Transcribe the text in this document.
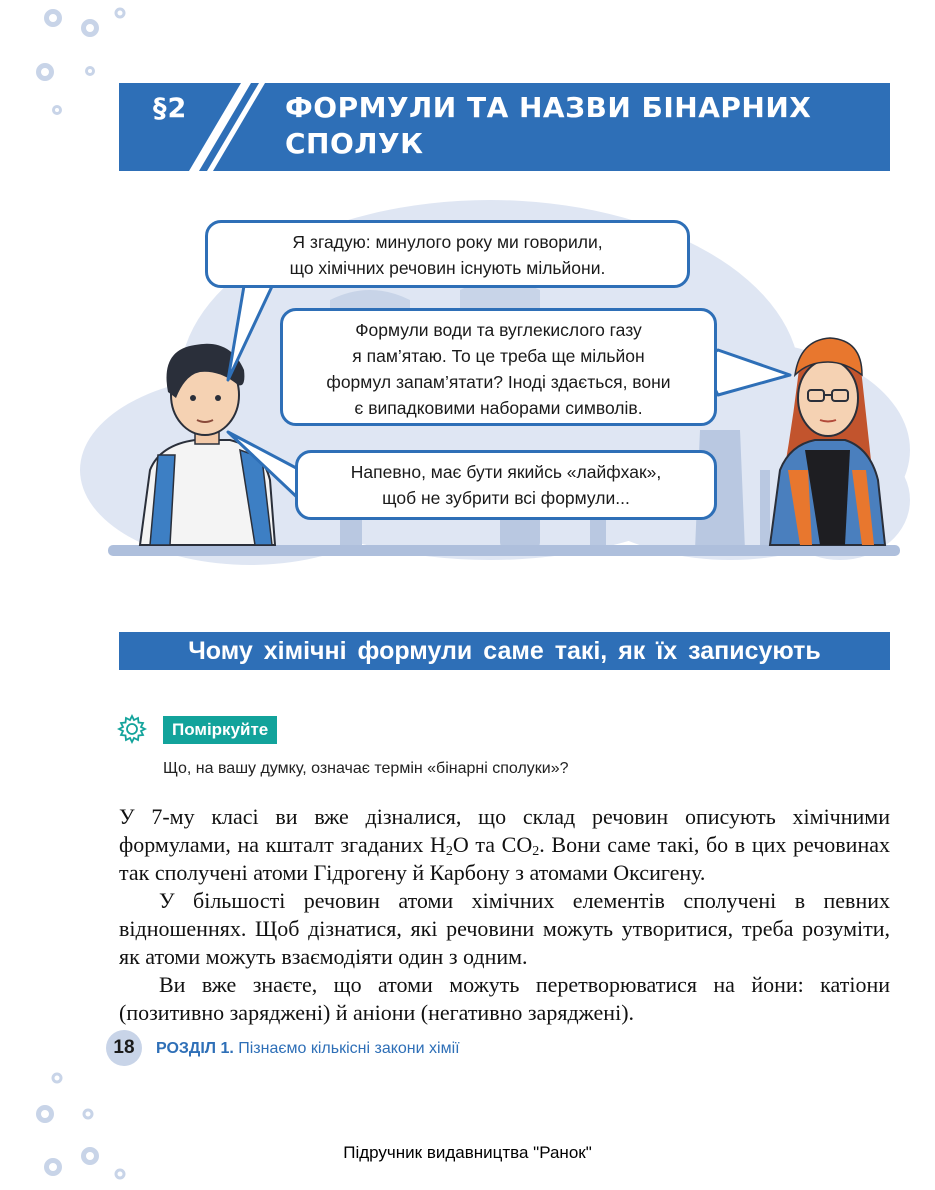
§2	ФОРМУЛИ ТА НАЗВИ БІНАРНИХ СПОЛУК
Я згадую: минулого року ми говорили,
що хімічних речовин існують мільйони.
Формули води та вуглекислого газу
я пам’ятаю. То це треба ще мільйон
формул запам’ятати? Іноді здається, вони
є випадковими наборами символів.
Напевно, має бути якийсь «лайфхак»,
щоб не зубрити всі формули...
Чому хімічні формули саме такі, як їх записують
Поміркуйте
Що, на вашу думку, означає термін «бінарні сполуки»?

У 7-му класі ви вже дізналися, що склад речовин описують хімічними формулами, на кшталт згаданих $H_2O$ та $CO_2$. Вони саме такі, бо в цих речовинах так сполучені атоми Гідрогену й Карбону з атомами Оксигену.

У більшості речовин атоми хімічних елементів сполучені в певних відношеннях. Щоб дізнатися, які речовини можуть утворитися, треба розуміти, як атоми можуть взаємодіяти один з одним.

Ви вже знаєте, що атоми можуть перетворюватися на йони: катіони (позитивно заряджені) й аніони (негативно заряджені).

18	РОЗДІЛ 1. Пізнаємо кількісні закони хімії
Підручник видавництва "Ранок"
